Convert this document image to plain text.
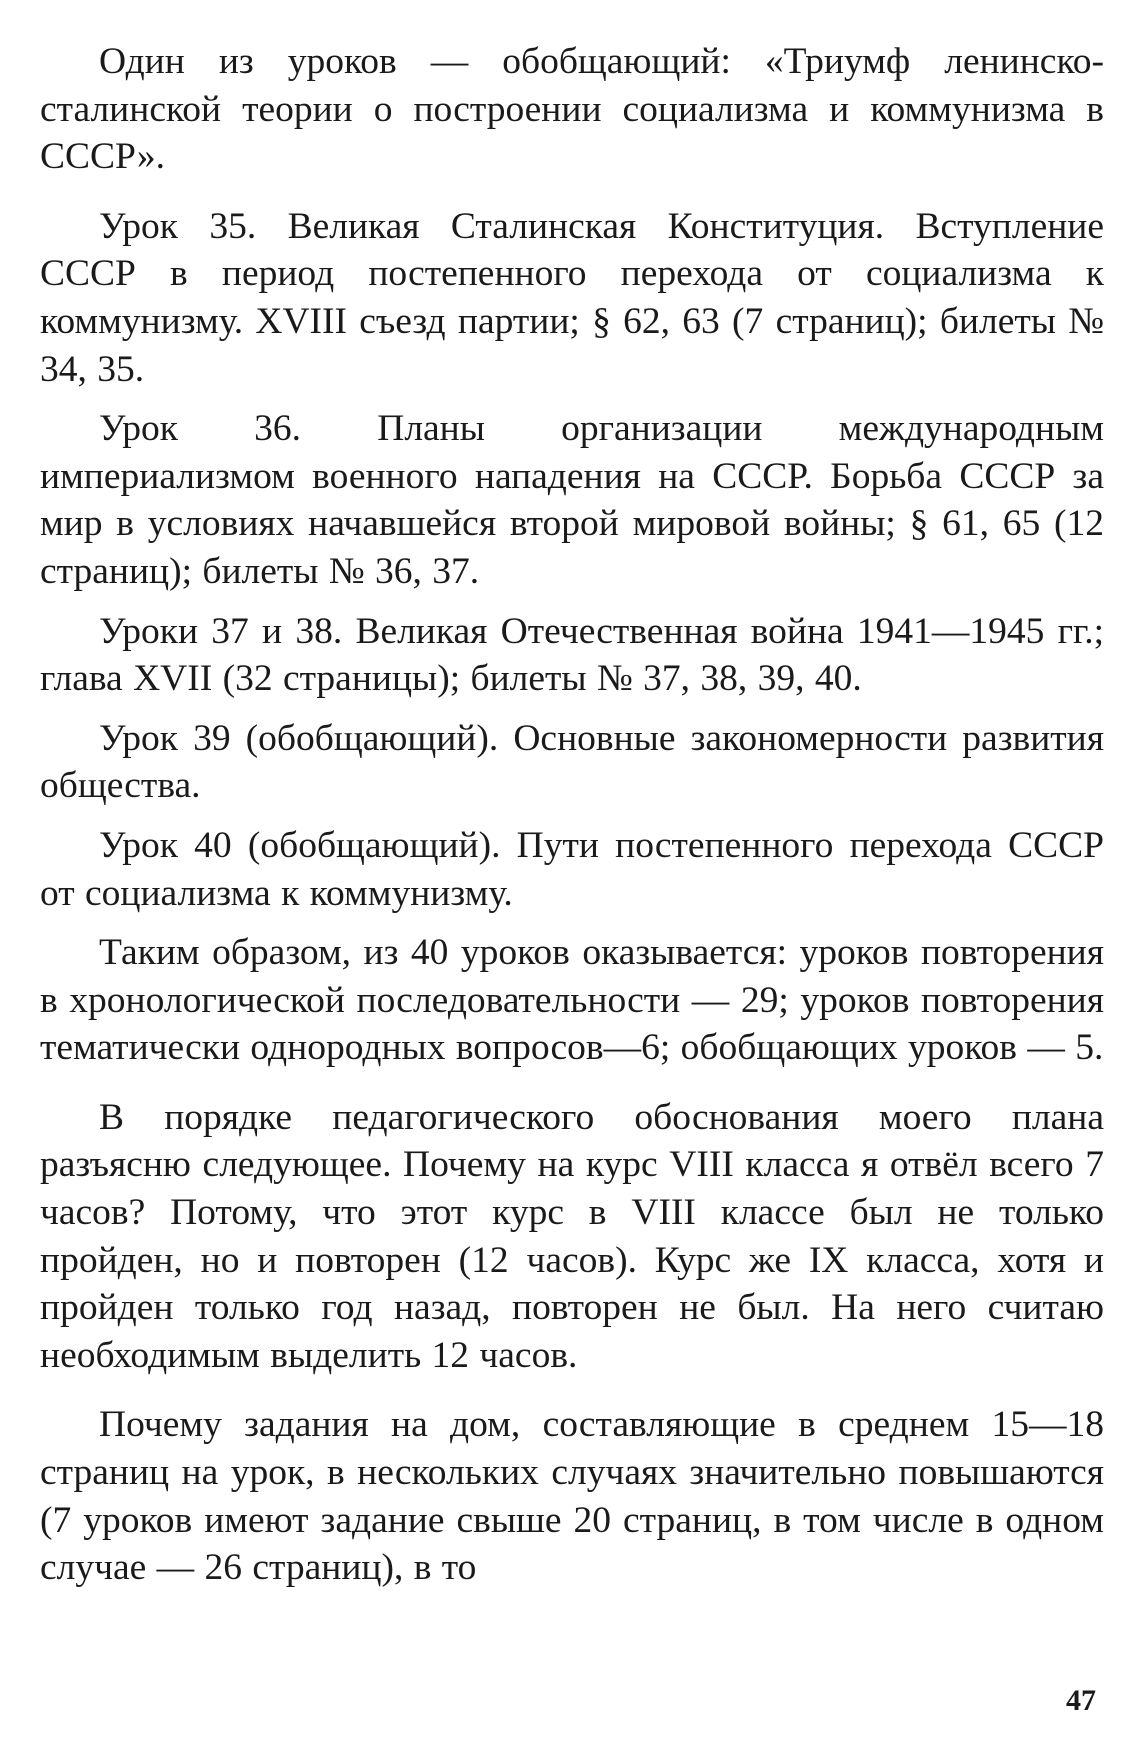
Один из уроков — обобщающий: «Триумф ленинско-сталинской теории о построении социализма и коммунизма в СССР».

Урок 35. Великая Сталинская Конституция. Вступление СССР в период постепенного перехода от социализма к коммунизму. XVIII съезд партии; § 62, 63 (7 страниц); билеты № 34, 35.

Урок 36. Планы организации международным империализмом военного нападения на СССР. Борьба СССР за мир в условиях начавшейся второй мировой войны; § 61, 65 (12 страниц); билеты № 36, 37.

Уроки 37 и 38. Великая Отечественная война 1941—1945 гг.; глава XVII (32 страницы); билеты № 37, 38, 39, 40.

Урок 39 (обобщающий). Основные закономерности развития общества.

Урок 40 (обобщающий). Пути постепенного перехода СССР от социализма к коммунизму.

Таким образом, из 40 уроков оказывается: уроков повторения в хронологической последовательности — 29; уроков повторения тематически однородных вопросов—6; обобщающих уроков — 5.

В порядке педагогического обоснования моего плана разъясню следующее. Почему на курс VIII класса я отвёл всего 7 часов? Потому, что этот курс в VIII классе был не только пройден, но и повторен (12 часов). Курс же IX класса, хотя и пройден только год назад, повторен не был. На него считаю необходимым выделить 12 часов.

Почему задания на дом, составляющие в среднем 15—18 страниц на урок, в нескольких случаях значительно повышаются (7 уроков имеют задание свыше 20 страниц, в том числе в одном случае — 26 страниц), в то

47
